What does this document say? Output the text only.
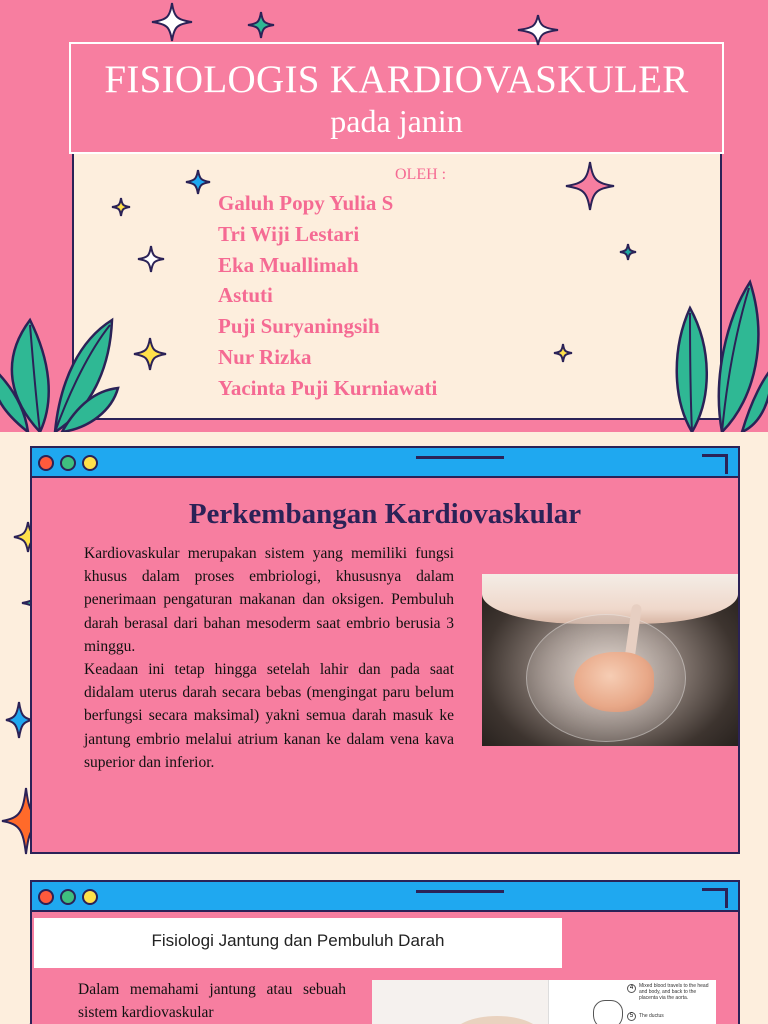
FISIOLOGIS KARDIOVASKULER
pada janin
OLEH :
Galuh Popy Yulia S
Tri Wiji Lestari
Eka Muallimah
Astuti
Puji Suryaningsih
Nur Rizka
Yacinta Puji Kurniawati
Perkembangan Kardiovaskular

Kardiovaskular merupakan sistem yang memiliki fungsi khusus dalam proses embriologi, khususnya dalam penerimaan pengaturan makanan dan oksigen. Pembuluh darah berasal dari bahan mesoderm saat embrio berusia 3 minggu.

Keadaan ini tetap hingga setelah lahir dan pada saat didalam uterus darah secara bebas (mengingat paru belum berfungsi secara maksimal) yakni semua darah masuk ke jantung embrio melalui atrium kanan ke dalam vena kava superior dan inferior.

Fisiologi Jantung dan Pembuluh Darah
Dalam memahami jantung atau sebuah sistem kardiovaskular
4	Mixed blood travels to the head and body, and back to the placenta via the aorta.
5	The ductus
